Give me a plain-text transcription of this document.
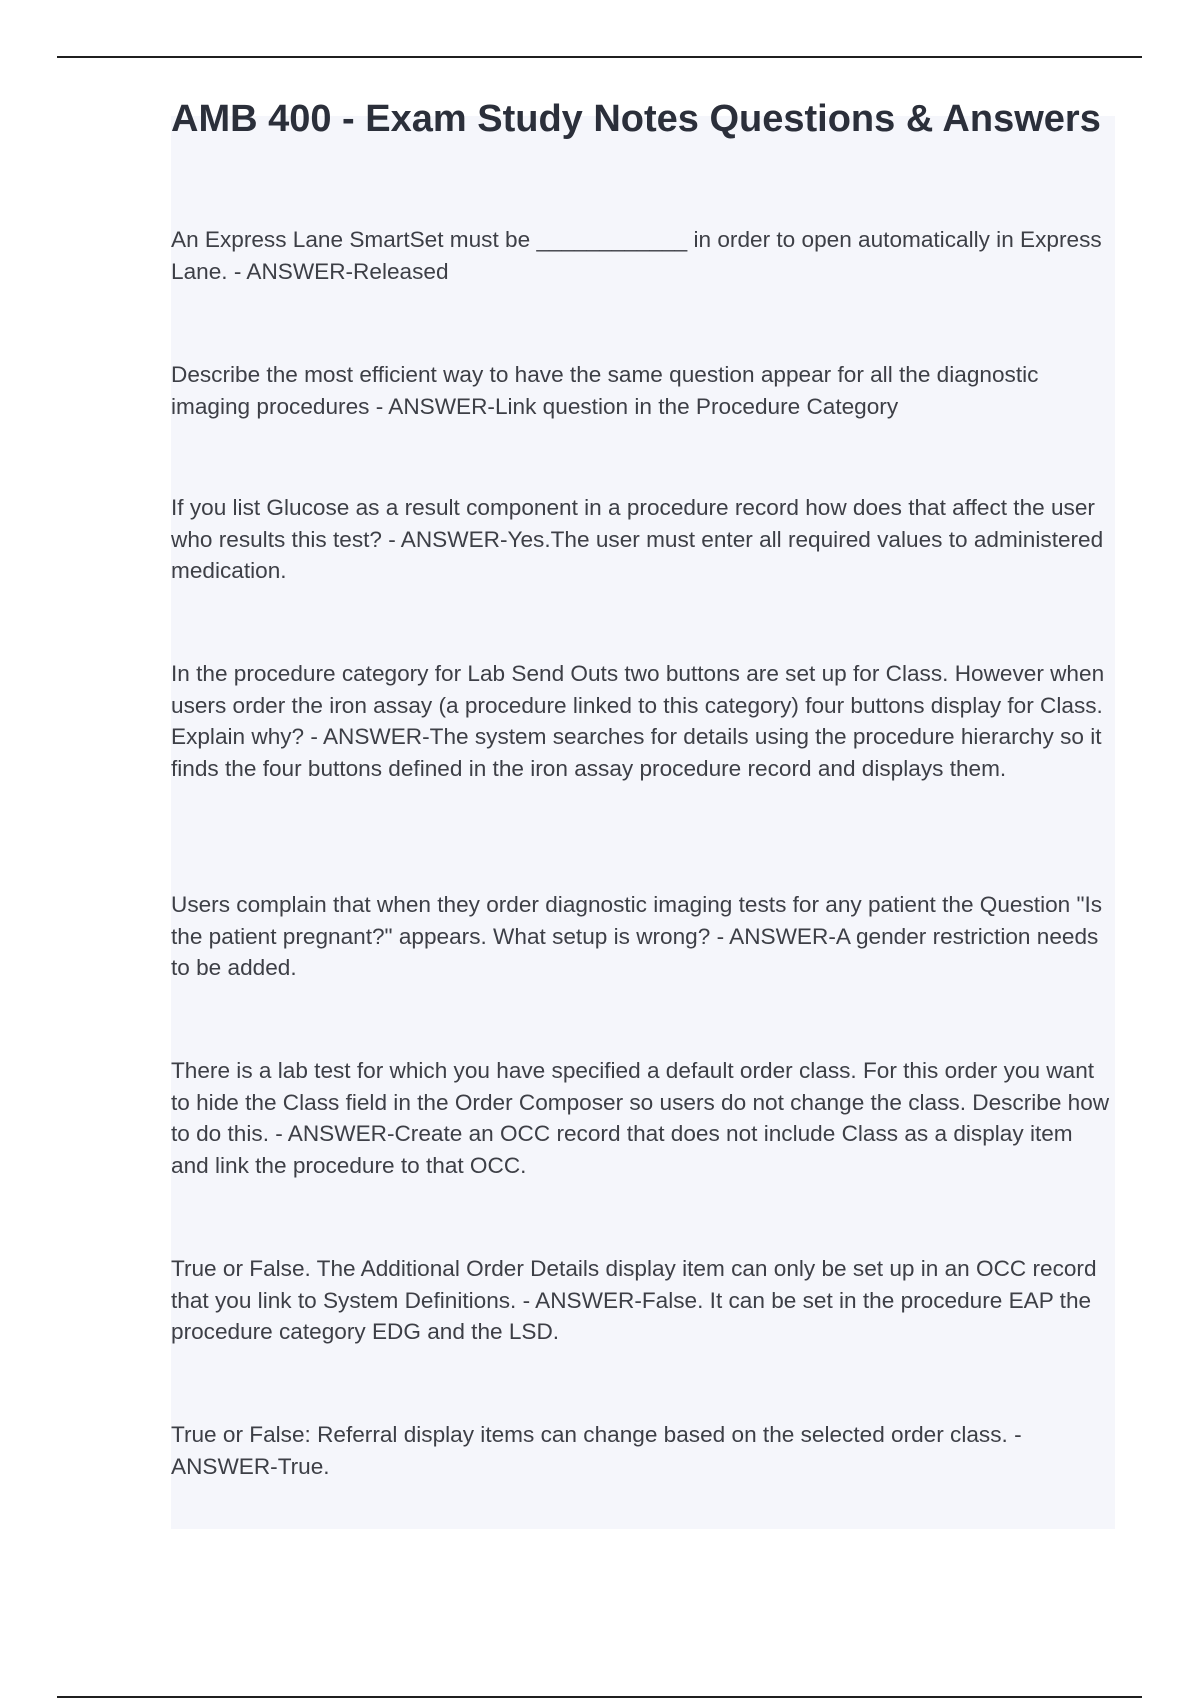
AMB 400 - Exam Study Notes Questions & Answers

An Express Lane SmartSet must be ____________ in order to open automatically in Express Lane. - ANSWER-Released

Describe the most efficient way to have the same question appear for all the diagnostic imaging procedures - ANSWER-Link question in the Procedure Category

If you list Glucose as a result component in a procedure record how does that affect the user who results this test? - ANSWER-Yes.The user must enter all required values to administered medication.

In the procedure category for Lab Send Outs two buttons are set up for Class. However when users order the iron assay (a procedure linked to this category) four buttons display for Class. Explain why? - ANSWER-The system searches for details using the procedure hierarchy so it finds the four buttons defined in the iron assay procedure record and displays them.

Users complain that when they order diagnostic imaging tests for any patient the Question "Is the patient pregnant?" appears. What setup is wrong? - ANSWER-A gender restriction needs to be added.

There is a lab test for which you have specified a default order class. For this order you want to hide the Class field in the Order Composer so users do not change the class. Describe how to do this. - ANSWER-Create an OCC record that does not include Class as a display item and link the procedure to that OCC.

True or False. The Additional Order Details display item can only be set up in an OCC record that you link to System Definitions. - ANSWER-False. It can be set in the procedure EAP the procedure category EDG and the LSD.

True or False: Referral display items can change based on the selected order class. - ANSWER-True.
